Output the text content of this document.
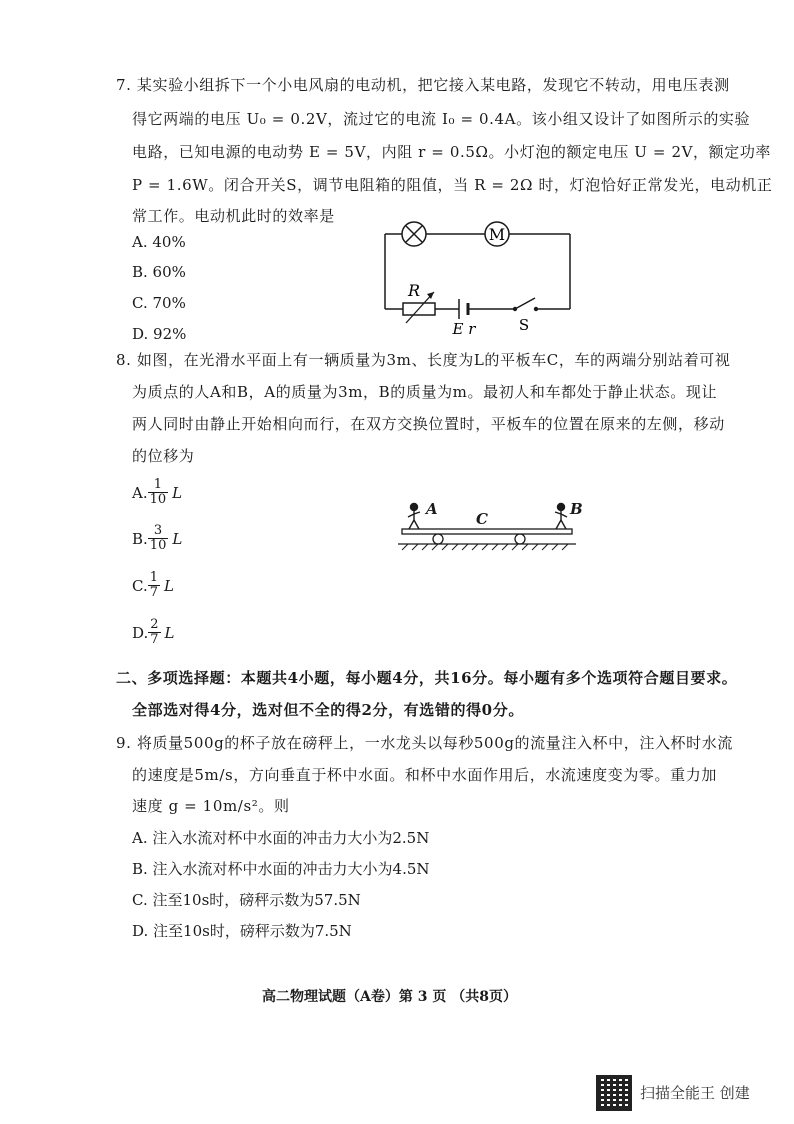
7. 某实验小组拆下一个小电风扇的电动机，把它接入某电路，发现它不转动，用电压表测
得它两端的电压 U₀ = 0.2V，流过它的电流 I₀ = 0.4A。该小组又设计了如图所示的实验
电路，已知电源的电动势 E = 5V，内阻 r = 0.5Ω。小灯泡的额定电压 U = 2V，额定功率
P = 1.6W。闭合开关S，调节电阻箱的阻值，当 R = 2Ω 时，灯泡恰好正常发光，电动机正
常工作。电动机此时的效率是
A. 40%
B. 60%
C. 70%
D. 92%
M
R
E r	S
8. 如图，在光滑水平面上有一辆质量为3m、长度为L的平板车C，车的两端分别站着可视
为质点的人A和B，A的质量为3m，B的质量为m。最初人和车都处于静止状态。现让
两人同时由静止开始相向而行，在双方交换位置时，平板车的位置在原来的左侧，移动
的位移为
A. $\frac{1}{10}$ L
B. $\frac{3}{10}$ L
C. $\frac{1}{7}$ L
D. $\frac{2}{7}$ L
A
C
B
二、多项选择题：本题共4小题，每小题4分，共16分。每小题有多个选项符合题目要求。
全部选对得4分，选对但不全的得2分，有选错的得0分。
9. 将质量500g的杯子放在磅秤上，一水龙头以每秒500g的流量注入杯中，注入杯时水流
的速度是5m/s，方向垂直于杯中水面。和杯中水面作用后，水流速度变为零。重力加
速度 g = 10m/s²。则
A. 注入水流对杯中水面的冲击力大小为2.5N
B. 注入水流对杯中水面的冲击力大小为4.5N
C. 注至10s时，磅秤示数为57.5N
D. 注至10s时，磅秤示数为7.5N
高二物理试题（A卷）第 3 页 （共8页）
扫描全能王 创建
